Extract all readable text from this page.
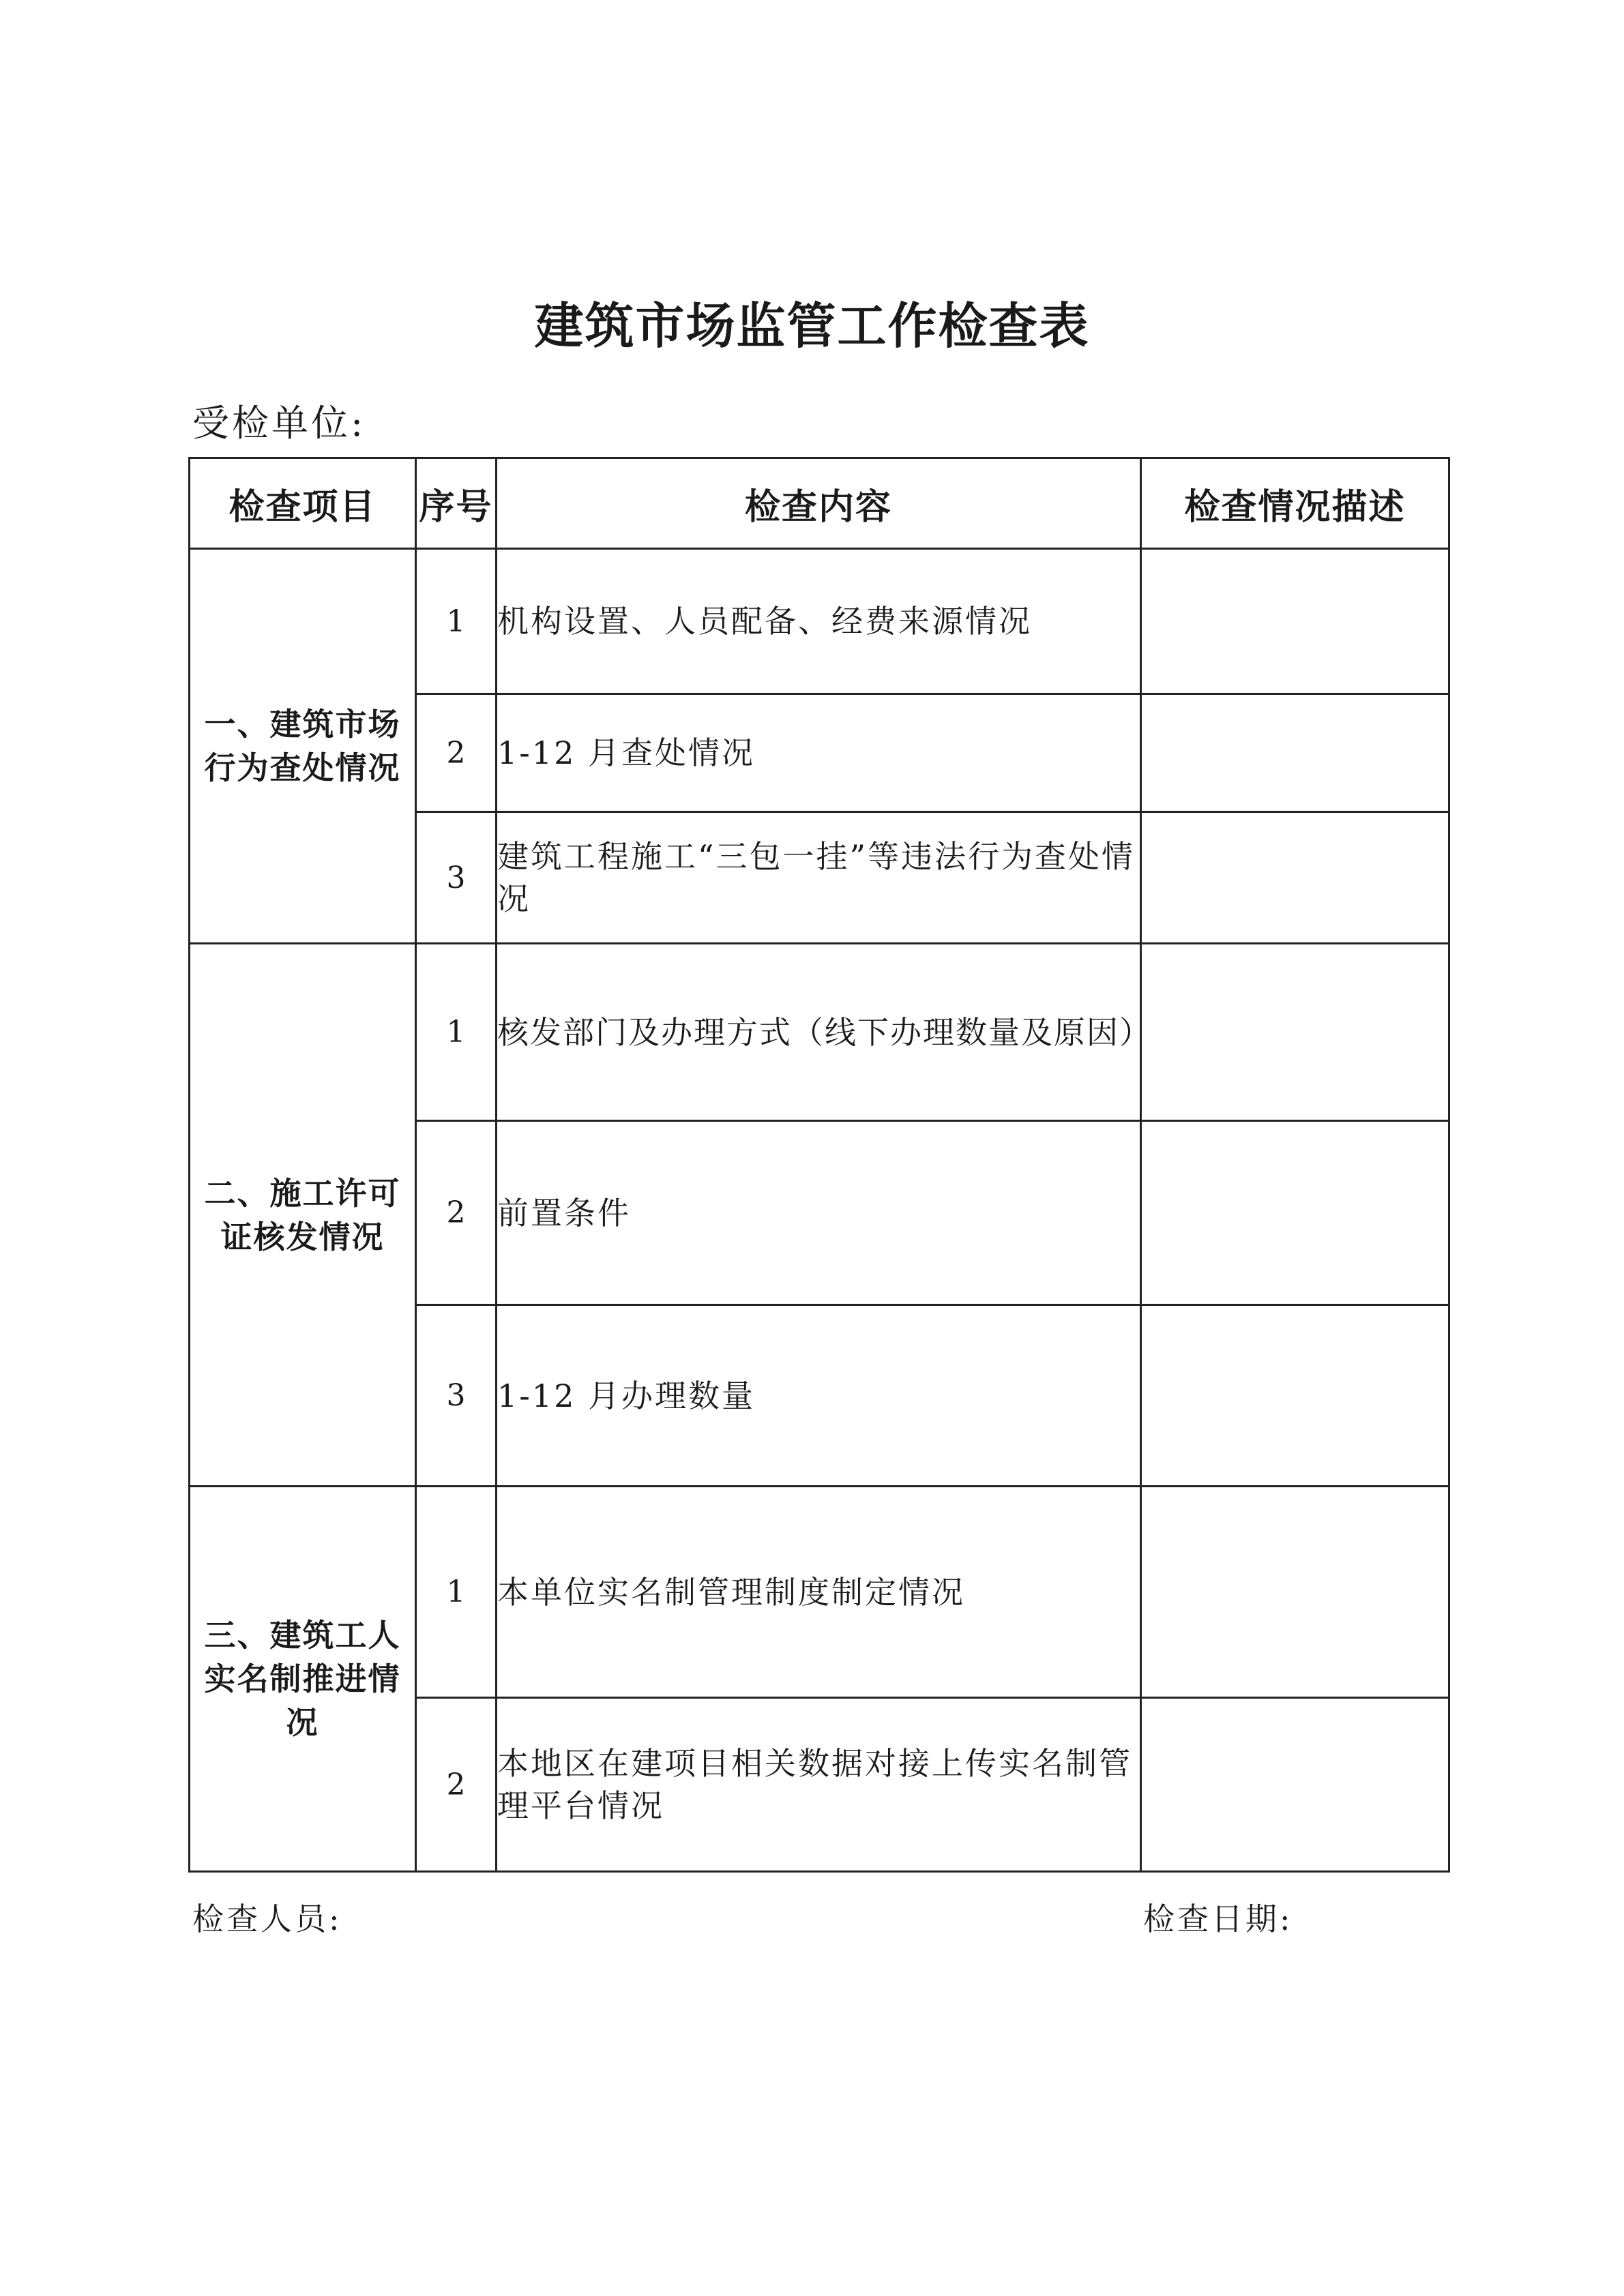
建筑市场监管工作检查表
受检单位:
检查项目	序号	检查内容	检查情况描述
一、建筑市场行为查处情况	1	机构设置、人员配备、经费来源情况	
	2	1-12 月查处情况	
	3	建筑工程施工“三包一挂”等违法行为查处情况	
二、施工许可证核发情况	1	核发部门及办理方式（线下办理数量及原因）	
	2	前置条件	
	3	1-12 月办理数量	
三、建筑工人实名制推进情况	1	本单位实名制管理制度制定情况	
	2	本地区在建项目相关数据对接上传实名制管理平台情况	
检查人员:	检查日期:
